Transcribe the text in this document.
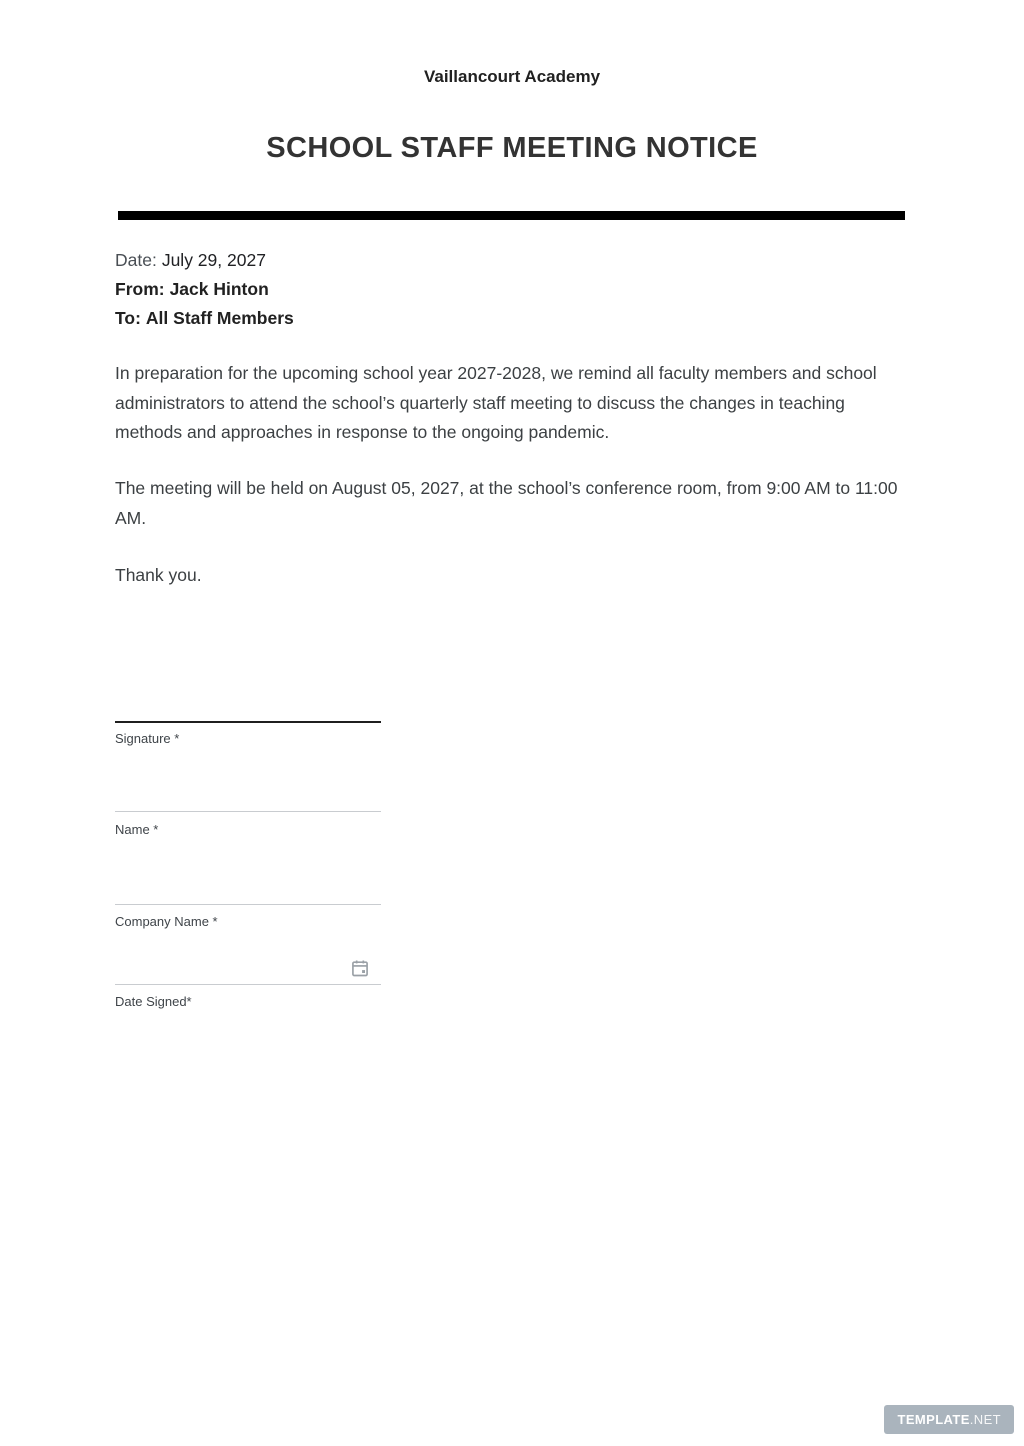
Vaillancourt Academy
SCHOOL STAFF MEETING NOTICE
Date: July 29, 2027
From: Jack Hinton
To: All Staff Members
In preparation for the upcoming school year 2027-2028, we remind all faculty members and school administrators to attend the school’s quarterly staff meeting to discuss the changes in teaching methods and approaches in response to the ongoing pandemic.
The meeting will be held on August 05, 2027, at the school’s conference room, from 9:00 AM to 11:00 AM.
Thank you.
Signature *
Name *
Company Name *
Date Signed*
TEMPLATE .NET
